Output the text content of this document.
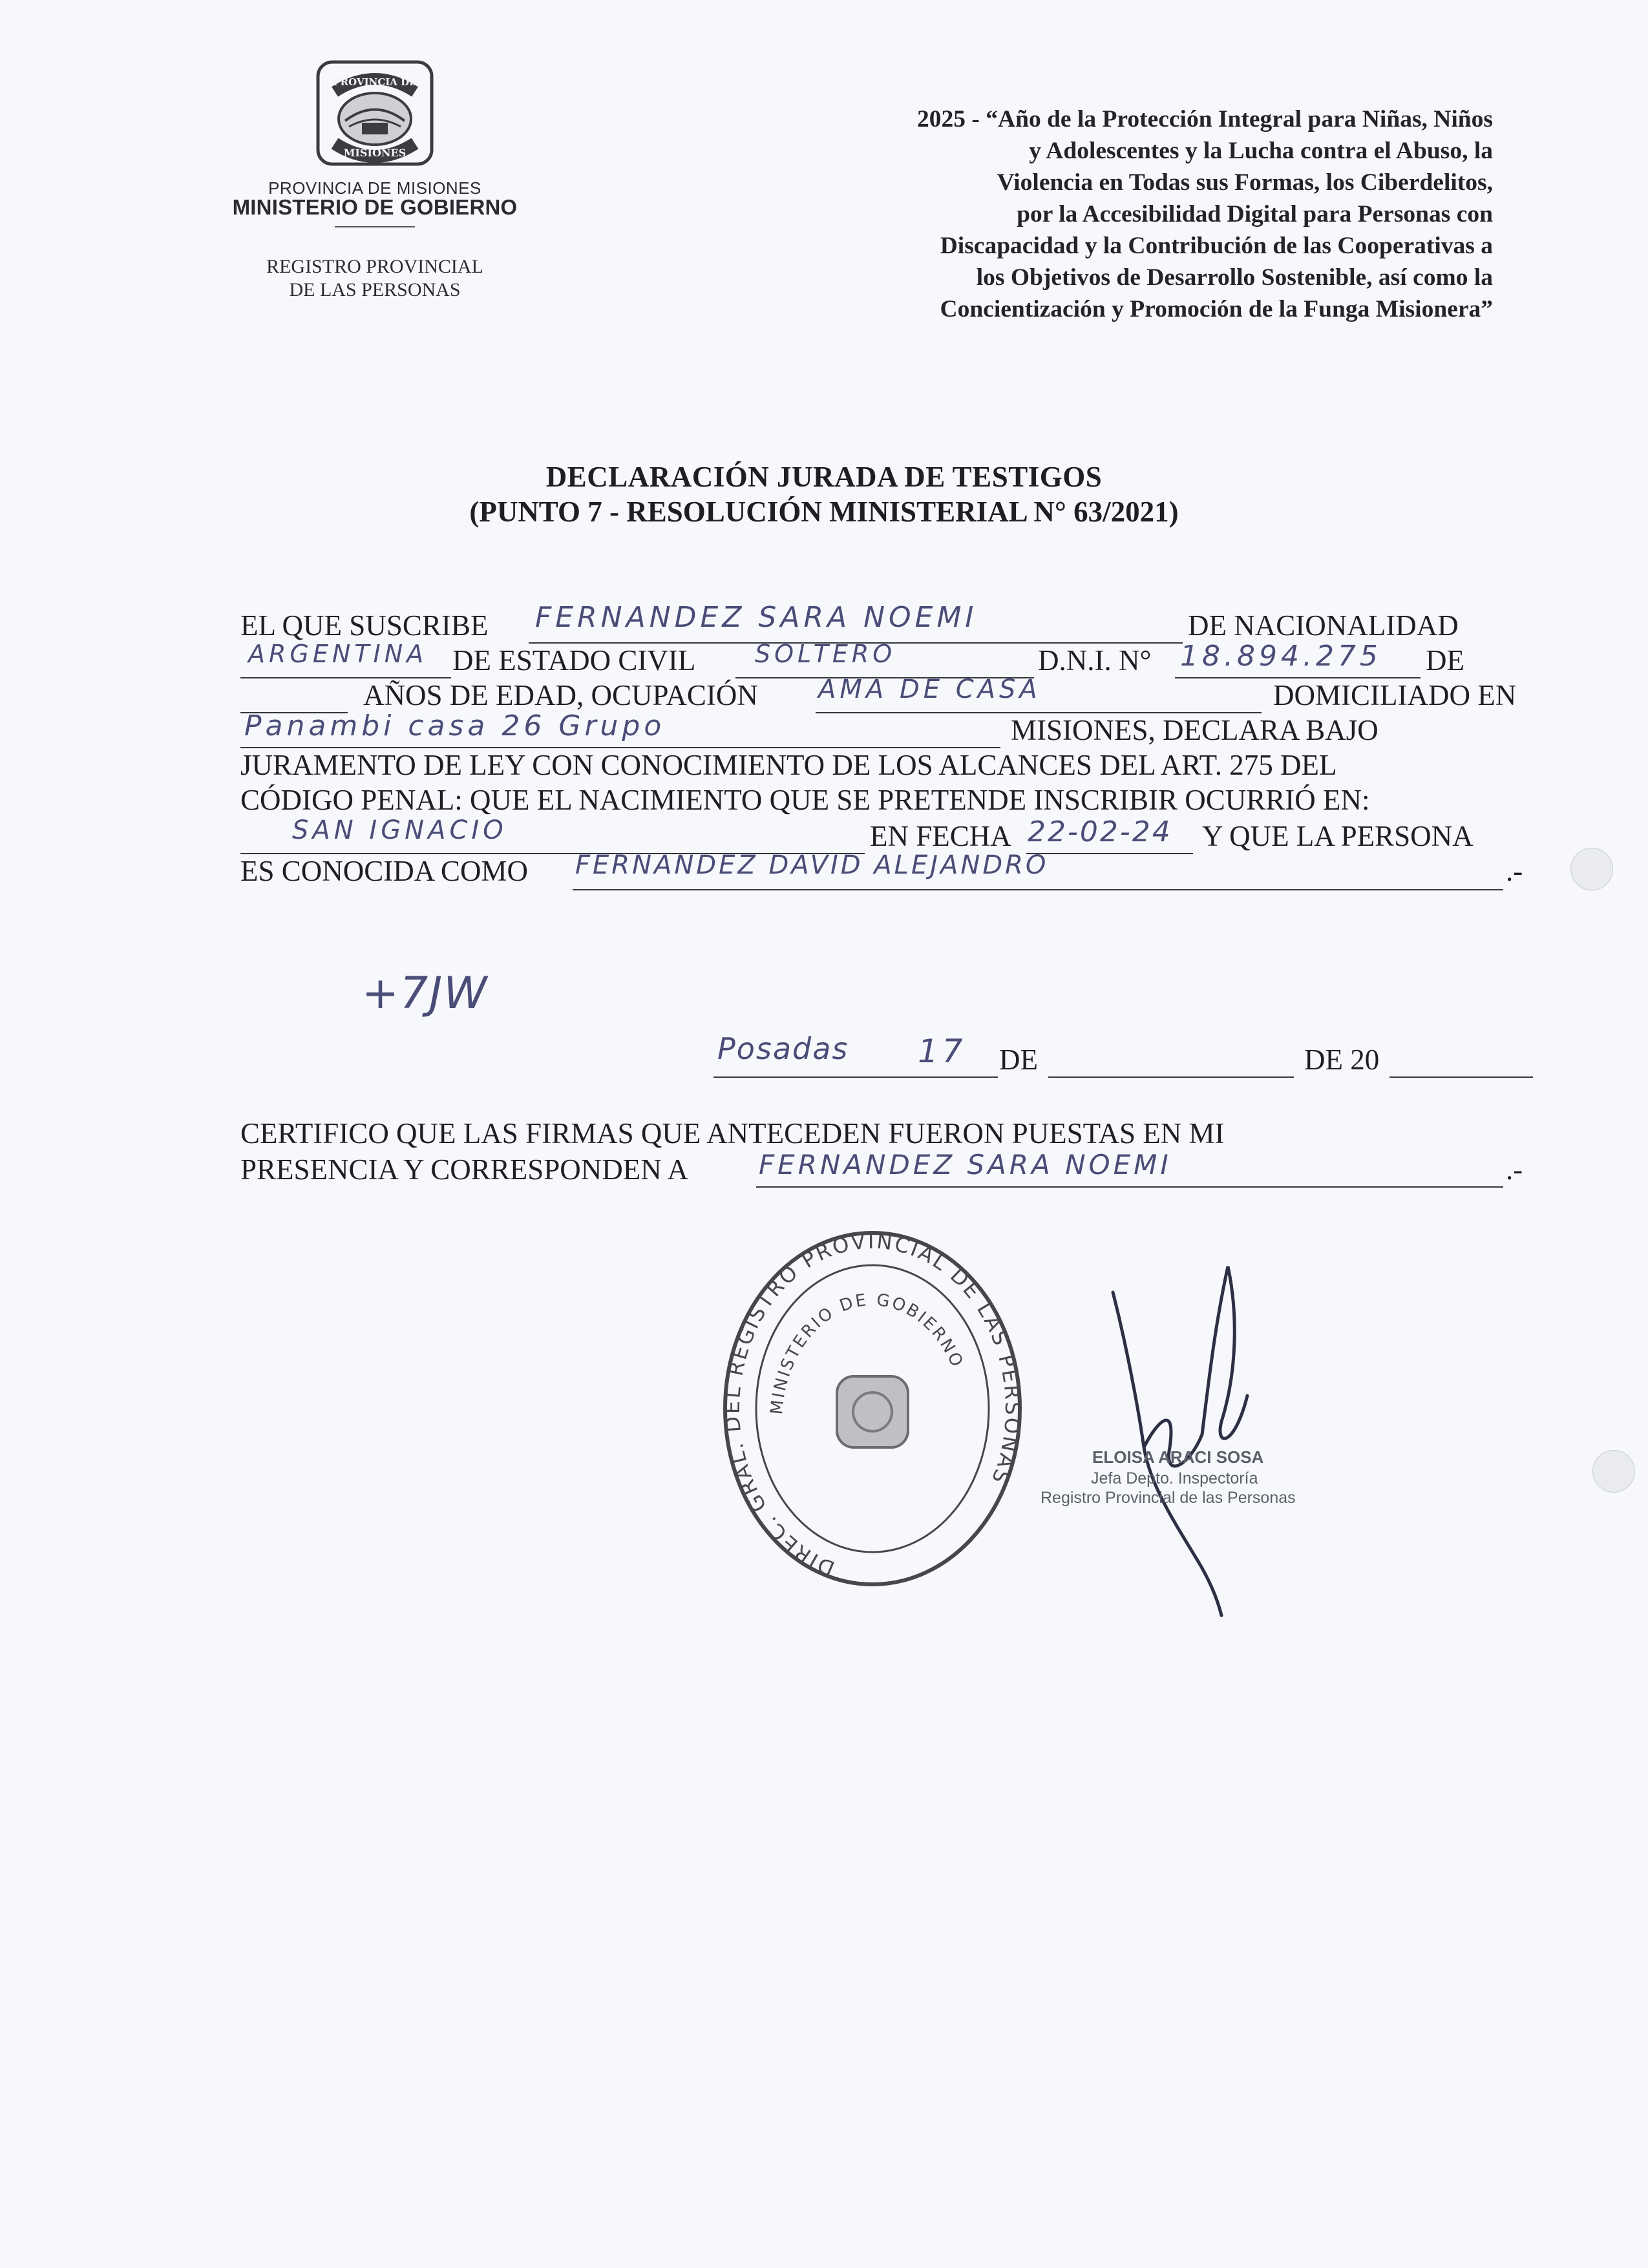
PROVINCIA DE
MISIONES
PROVINCIA DE MISIONES
MINISTERIO DE GOBIERNO
REGISTRO PROVINCIAL
DE LAS PERSONAS
2025 - “Año de la Protección Integral para Niñas, Niños
y Adolescentes y la Lucha contra el Abuso, la
Violencia en Todas sus Formas, los Ciberdelitos,
por la Accesibilidad Digital para Personas con
Discapacidad y la Contribución de las Cooperativas a
los Objetivos de Desarrollo Sostenible, así como la
Concientización y Promoción de la Funga Misionera”
DECLARACIÓN JURADA DE TESTIGOS
(PUNTO 7 - RESOLUCIÓN MINISTERIAL N° 63/2021)
EL QUE SUSCRIBE FERNANDEZ SARA NOEMI	DE NACIONALIDAD
ARGENTINA DE ESTADO CIVIL SOLTERO	D.N.I. N° 18.894.275 DE
AÑOS DE EDAD, OCUPACIÓN AMA DE CASA	DOMICILIADO EN
Panambi casa 26 Grupo	MISIONES, DECLARA BAJO
JURAMENTO DE LEY CON CONOCIMIENTO DE LOS ALCANCES DEL ART. 275 DEL
CÓDIGO PENAL: QUE EL NACIMIENTO QUE SE PRETENDE INSCRIBIR OCURRIÓ EN:
SAN IGNACIO	EN FECHA 22-02-24 Y QUE LA PERSONA
ES CONOCIDA COMO FERNANDEZ DAVID ALEJANDRO	.-
+7JW
Posadas 17 DE	DE 20
CERTIFICO QUE LAS FIRMAS QUE ANTECEDEN FUERON PUESTAS EN MI
PRESENCIA Y CORRESPONDEN A	FERNANDEZ SARA NOEMI	.-
DIREC. GRAL. DEL REGISTRO PROVINCIAL DE LAS PERSONAS
MINISTERIO DE GOBIERNO
ELOISA ARACI SOSA
Jefa Depto. Inspectoría
Registro Provincial de las Personas
